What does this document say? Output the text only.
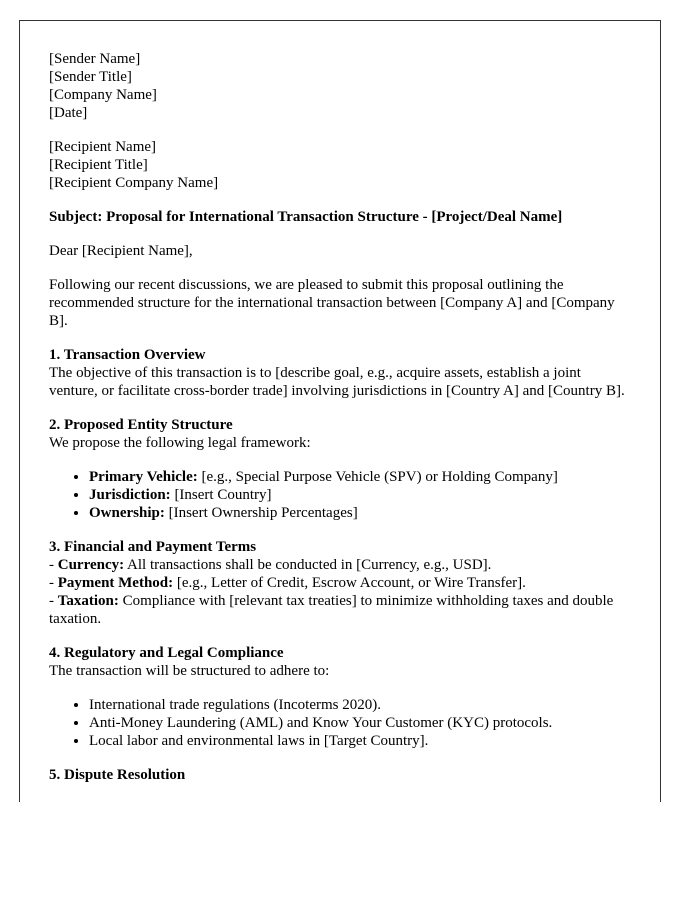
[Sender Name]
[Sender Title]
[Company Name]
[Date]
[Recipient Name]
[Recipient Title]
[Recipient Company Name]
Subject: Proposal for International Transaction Structure - [Project/Deal Name]
Dear [Recipient Name],
Following our recent discussions, we are pleased to submit this proposal outlining the recommended structure for the international transaction between [Company A] and [Company B].
1. Transaction Overview
The objective of this transaction is to [describe goal, e.g., acquire assets, establish a joint venture, or facilitate cross-border trade] involving jurisdictions in [Country A] and [Country B].
2. Proposed Entity Structure
We propose the following legal framework:
• Primary Vehicle: [e.g., Special Purpose Vehicle (SPV) or Holding Company]
• Jurisdiction: [Insert Country]
• Ownership: [Insert Ownership Percentages]
3. Financial and Payment Terms
- Currency: All transactions shall be conducted in [Currency, e.g., USD].
- Payment Method: [e.g., Letter of Credit, Escrow Account, or Wire Transfer].
- Taxation: Compliance with [relevant tax treaties] to minimize withholding taxes and double taxation.
4. Regulatory and Legal Compliance
The transaction will be structured to adhere to:
• International trade regulations (Incoterms 2020).
• Anti-Money Laundering (AML) and Know Your Customer (KYC) protocols.
• Local labor and environmental laws in [Target Country].
5. Dispute Resolution
